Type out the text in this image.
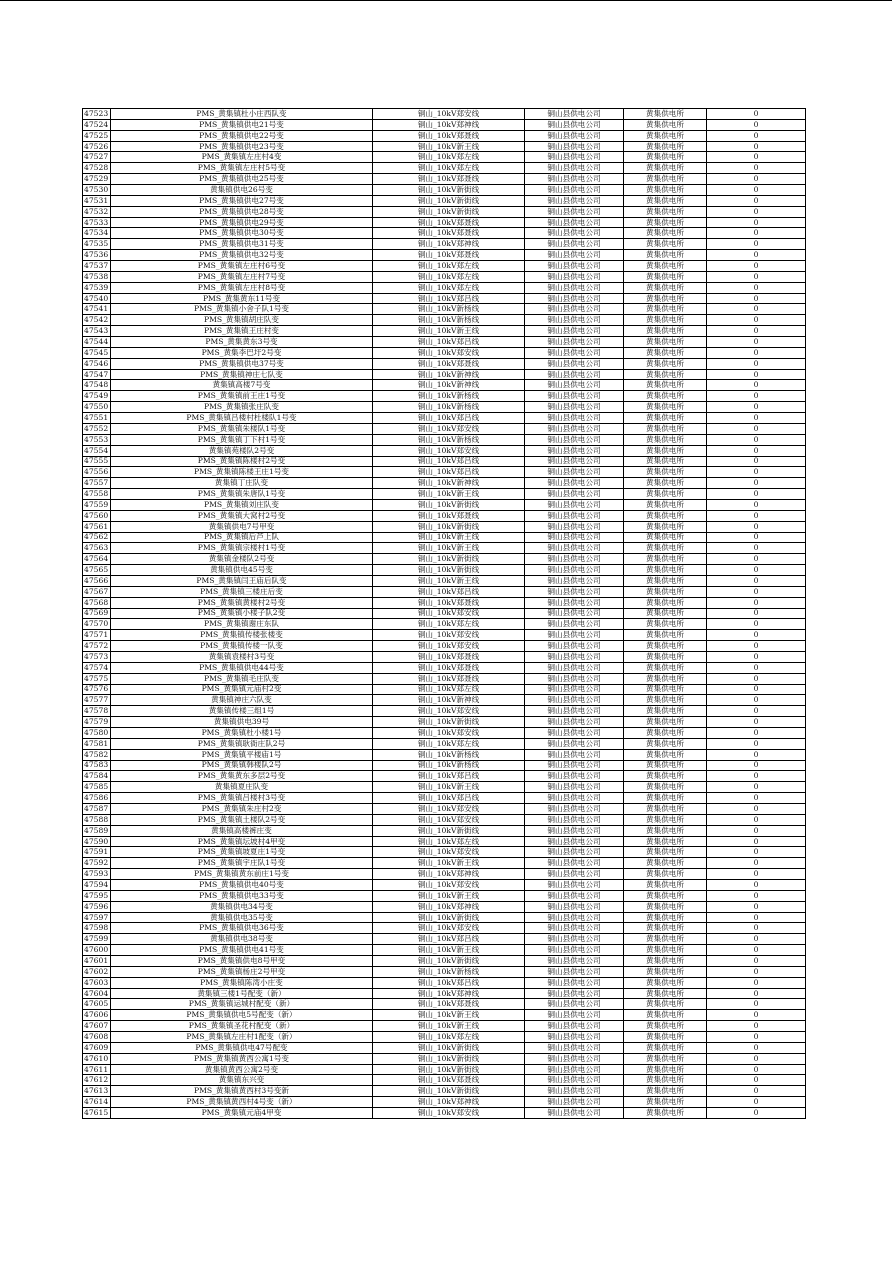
47523	PMS_黄集镇杜小庄西队变	铜山_10kV郑安线	铜山县供电公司	黄集供电所	0
47524	PMS_黄集镇供电21号变	铜山_10kV郑神线	铜山县供电公司	黄集供电所	0
47525	PMS_黄集镇供电22号变	铜山_10kV郑聂线	铜山县供电公司	黄集供电所	0
47526	PMS_黄集镇供电23号变	铜山_10kV新王线	铜山县供电公司	黄集供电所	0
47527	PMS_黄集镇左庄村4变	铜山_10kV郑左线	铜山县供电公司	黄集供电所	0
47528	PMS_黄集镇左庄村5号变	铜山_10kV郑左线	铜山县供电公司	黄集供电所	0
47529	PMS_黄集镇供电25号变	铜山_10kV郑聂线	铜山县供电公司	黄集供电所	0
47530	黄集镇供电26号变	铜山_10kV新街线	铜山县供电公司	黄集供电所	0
47531	PMS_黄集镇供电27号变	铜山_10kV新街线	铜山县供电公司	黄集供电所	0
47532	PMS_黄集镇供电28号变	铜山_10kV新街线	铜山县供电公司	黄集供电所	0
47533	PMS_黄集镇供电29号变	铜山_10kV郑聂线	铜山县供电公司	黄集供电所	0
47534	PMS_黄集镇供电30号变	铜山_10kV郑聂线	铜山县供电公司	黄集供电所	0
47535	PMS_黄集镇供电31号变	铜山_10kV郑神线	铜山县供电公司	黄集供电所	0
47536	PMS_黄集镇供电32号变	铜山_10kV郑聂线	铜山县供电公司	黄集供电所	0
47537	PMS_黄集镇左庄村6号变	铜山_10kV郑左线	铜山县供电公司	黄集供电所	0
47538	PMS_黄集镇左庄村7号变	铜山_10kV郑左线	铜山县供电公司	黄集供电所	0
47539	PMS_黄集镇左庄村8号变	铜山_10kV郑左线	铜山县供电公司	黄集供电所	0
47540	PMS_黄集黄东11号变	铜山_10kV郑吕线	铜山县供电公司	黄集供电所	0
47541	PMS_黄集镇小舍子队1号变	铜山_10kV新杨线	铜山县供电公司	黄集供电所	0
47542	PMS_黄集镇胡庄队变	铜山_10kV新杨线	铜山县供电公司	黄集供电所	0
47543	PMS_黄集镇王庄村变	铜山_10kV新王线	铜山县供电公司	黄集供电所	0
47544	PMS_黄集黄东3号变	铜山_10kV郑吕线	铜山县供电公司	黄集供电所	0
47545	PMS_黄集李巴圩2号变	铜山_10kV郑安线	铜山县供电公司	黄集供电所	0
47546	PMS_黄集镇供电37号变	铜山_10kV郑聂线	铜山县供电公司	黄集供电所	0
47547	PMS_黄集镇神庄七队变	铜山_10kV新神线	铜山县供电公司	黄集供电所	0
47548	黄集镇高楼7号变	铜山_10kV新神线	铜山县供电公司	黄集供电所	0
47549	PMS_黄集镇前王庄1号变	铜山_10kV新杨线	铜山县供电公司	黄集供电所	0
47550	PMS_黄集镇张庄队变	铜山_10kV新杨线	铜山县供电公司	黄集供电所	0
47551	PMS_黄集镇吕楼村杜楼队1号变	铜山_10kV郑吕线	铜山县供电公司	黄集供电所	0
47552	PMS_黄集镇朱楼队1号变	铜山_10kV郑安线	铜山县供电公司	黄集供电所	0
47553	PMS_黄集镇丁下村1号变	铜山_10kV新杨线	铜山县供电公司	黄集供电所	0
47554	黄集镇苑楼队2号变	铜山_10kV郑安线	铜山县供电公司	黄集供电所	0
47555	PMS_黄集镇陈楼村2号变	铜山_10kV郑吕线	铜山县供电公司	黄集供电所	0
47556	PMS_黄集镇陈楼王庄1号变	铜山_10kV郑吕线	铜山县供电公司	黄集供电所	0
47557	黄集镇丁庄队变	铜山_10kV新神线	铜山县供电公司	黄集供电所	0
47558	PMS_黄集镇朱唐队1号变	铜山_10kV新王线	铜山县供电公司	黄集供电所	0
47559	PMS_黄集镇刘庄队变	铜山_10kV新街线	铜山县供电公司	黄集供电所	0
47560	PMS_黄集镇大窝村2号变	铜山_10kV郑聂线	铜山县供电公司	黄集供电所	0
47561	黄集镇供电7号甲变	铜山_10kV新街线	铜山县供电公司	黄集供电所	0
47562	PMS_黄集镇后芦上队	铜山_10kV新王线	铜山县供电公司	黄集供电所	0
47563	PMS_黄集镇宗楼村1号变	铜山_10kV新王线	铜山县供电公司	黄集供电所	0
47564	黄集镇金楼队2号变	铜山_10kV新街线	铜山县供电公司	黄集供电所	0
47565	黄集镇供电45号变	铜山_10kV新街线	铜山县供电公司	黄集供电所	0
47566	PMS_黄集镇闫王庙后队变	铜山_10kV新王线	铜山县供电公司	黄集供电所	0
47567	PMS_黄集镇三楼庄后变	铜山_10kV郑吕线	铜山县供电公司	黄集供电所	0
47568	PMS_黄集镇黄楼村2号变	铜山_10kV郑聂线	铜山县供电公司	黄集供电所	0
47569	PMS_黄集镇小楼子队2变	铜山_10kV郑安线	铜山县供电公司	黄集供电所	0
47570	PMS_黄集镇谢庄东队	铜山_10kV郑左线	铜山县供电公司	黄集供电所	0
47571	PMS_黄集镇传楼张楼变	铜山_10kV郑安线	铜山县供电公司	黄集供电所	0
47572	PMS_黄集镇传楼一队变	铜山_10kV郑安线	铜山县供电公司	黄集供电所	0
47573	黄集镇袁楼村3号变	铜山_10kV郑聂线	铜山县供电公司	黄集供电所	0
47574	PMS_黄集镇供电44号变	铜山_10kV郑聂线	铜山县供电公司	黄集供电所	0
47575	PMS_黄集镇毛庄队变	铜山_10kV郑聂线	铜山县供电公司	黄集供电所	0
47576	PMS_黄集镇元庙村2变	铜山_10kV郑左线	铜山县供电公司	黄集供电所	0
47577	黄集镇神庄六队变	铜山_10kV新神线	铜山县供电公司	黄集供电所	0
47578	黄集镇传楼三组1号	铜山_10kV郑安线	铜山县供电公司	黄集供电所	0
47579	黄集镇供电39号	铜山_10kV新街线	铜山县供电公司	黄集供电所	0
47580	PMS_黄集镇杜小楼1号	铜山_10kV郑安线	铜山县供电公司	黄集供电所	0
47581	PMS_黄集镇耿衙庄队2号	铜山_10kV郑左线	铜山县供电公司	黄集供电所	0
47582	PMS_黄集镇平楼庙1号	铜山_10kV新杨线	铜山县供电公司	黄集供电所	0
47583	PMS_黄集镇韩楼队2号	铜山_10kV新杨线	铜山县供电公司	黄集供电所	0
47584	PMS_黄集黄东多层2号变	铜山_10kV郑吕线	铜山县供电公司	黄集供电所	0
47585	黄集镇夏庄队变	铜山_10kV新王线	铜山县供电公司	黄集供电所	0
47586	PMS_黄集镇吕楼村3号变	铜山_10kV郑吕线	铜山县供电公司	黄集供电所	0
47587	PMS_黄集镇朱庄村2变	铜山_10kV郑安线	铜山县供电公司	黄集供电所	0
47588	PMS_黄集镇土楼队2号变	铜山_10kV郑安线	铜山县供电公司	黄集供电所	0
47589	黄集镇高楼裤庄变	铜山_10kV新街线	铜山县供电公司	黄集供电所	0
47590	PMS_黄集镇坛坡村4甲变	铜山_10kV郑左线	铜山县供电公司	黄集供电所	0
47591	PMS_黄集镇坡夏庄1号变	铜山_10kV郑安线	铜山县供电公司	黄集供电所	0
47592	PMS_黄集镇宇庄队1号变	铜山_10kV新王线	铜山县供电公司	黄集供电所	0
47593	PMS_黄集镇黄东前庄1号变	铜山_10kV郑神线	铜山县供电公司	黄集供电所	0
47594	PMS_黄集镇供电40号变	铜山_10kV郑安线	铜山县供电公司	黄集供电所	0
47595	PMS_黄集镇供电33号变	铜山_10kV新王线	铜山县供电公司	黄集供电所	0
47596	黄集镇供电34号变	铜山_10kV郑神线	铜山县供电公司	黄集供电所	0
47597	黄集镇供电35号变	铜山_10kV新街线	铜山县供电公司	黄集供电所	0
47598	PMS_黄集镇供电36号变	铜山_10kV郑安线	铜山县供电公司	黄集供电所	0
47599	黄集镇供电38号变	铜山_10kV郑吕线	铜山县供电公司	黄集供电所	0
47600	PMS_黄集镇供电41号变	铜山_10kV新王线	铜山县供电公司	黄集供电所	0
47601	PMS_黄集镇供电8号甲变	铜山_10kV新街线	铜山县供电公司	黄集供电所	0
47602	PMS_黄集镇杨庄2号甲变	铜山_10kV新杨线	铜山县供电公司	黄集供电所	0
47603	PMS_黄集镇陈湾小庄变	铜山_10kV郑吕线	铜山县供电公司	黄集供电所	0
47604	黄集镇三楼1号配变（新）	铜山_10kV郑神线	铜山县供电公司	黄集供电所	0
47605	PMS_黄集镇运城村配变（新）	铜山_10kV郑聂线	铜山县供电公司	黄集供电所	0
47606	PMS_黄集镇供电5号配变（新）	铜山_10kV新王线	铜山县供电公司	黄集供电所	0
47607	PMS_黄集镇圣花村配变（新）	铜山_10kV新王线	铜山县供电公司	黄集供电所	0
47608	PMS_黄集镇左庄村1配变（新）	铜山_10kV郑左线	铜山县供电公司	黄集供电所	0
47609	PMS_黄集镇供电47号配变	铜山_10kV新街线	铜山县供电公司	黄集供电所	0
47610	PMS_黄集镇黄西公寓1号变	铜山_10kV新街线	铜山县供电公司	黄集供电所	0
47611	黄集镇黄西公寓2号变	铜山_10kV新街线	铜山县供电公司	黄集供电所	0
47612	黄集镇东兴变	铜山_10kV郑聂线	铜山县供电公司	黄集供电所	0
47613	PMS_黄集镇黄西村3号变新	铜山_10kV新街线	铜山县供电公司	黄集供电所	0
47614	PMS_黄集镇黄西村4号变（新）	铜山_10kV郑神线	铜山县供电公司	黄集供电所	0
47615	PMS_黄集镇元庙4甲变	铜山_10kV郑安线	铜山县供电公司	黄集供电所	0
